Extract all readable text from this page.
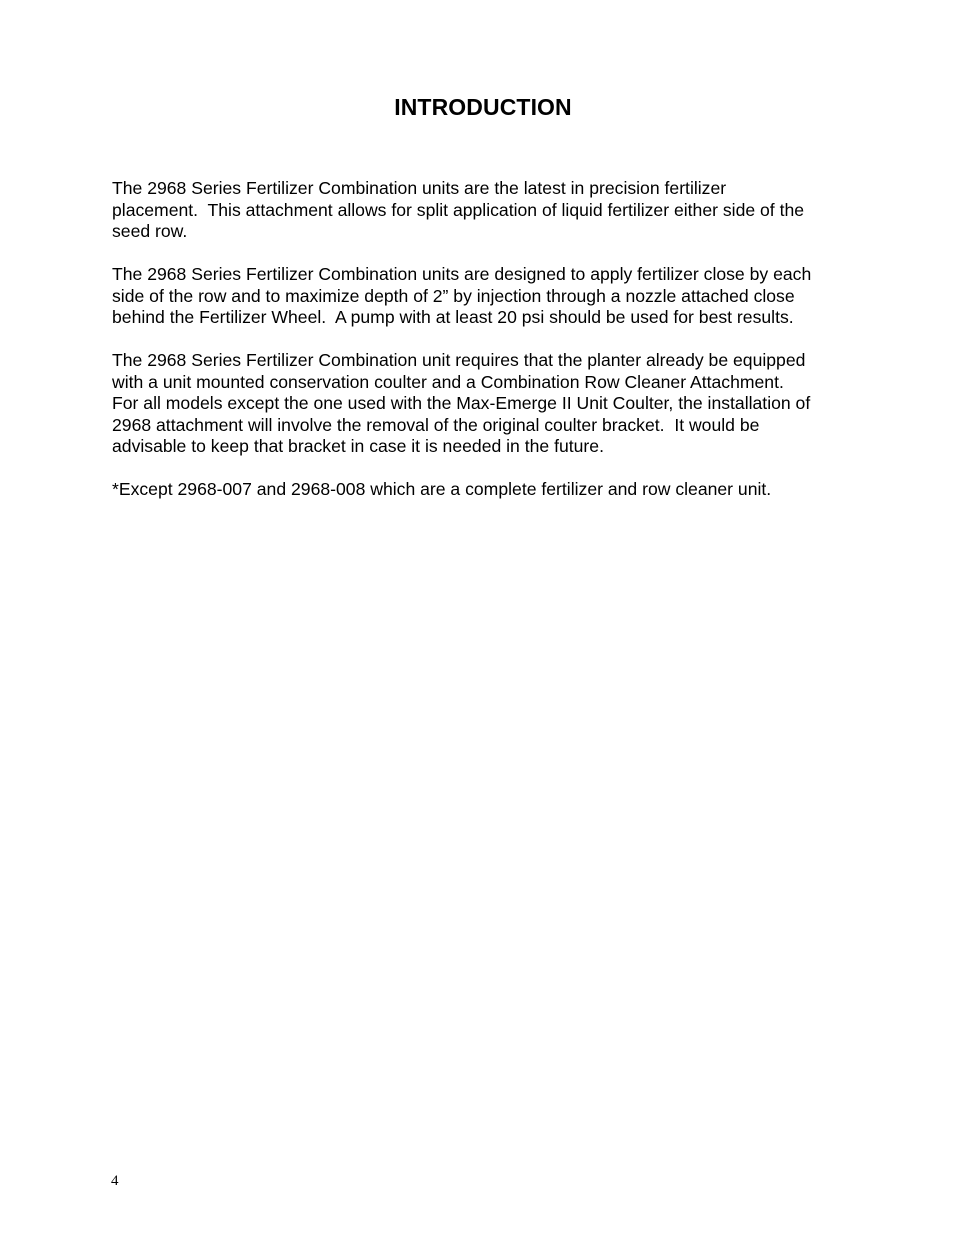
INTRODUCTION

The 2968 Series Fertilizer Combination units are the latest in precision fertilizer
placement.  This attachment allows for split application of liquid fertilizer either side of the
seed row.

The 2968 Series Fertilizer Combination units are designed to apply fertilizer close by each
side of the row and to maximize depth of 2” by injection through a nozzle attached close
behind the Fertilizer Wheel.  A pump with at least 20 psi should be used for best results.

The 2968 Series Fertilizer Combination unit requires that the planter already be equipped
with a unit mounted conservation coulter and a Combination Row Cleaner Attachment.
For all models except the one used with the Max-Emerge II Unit Coulter, the installation of
2968 attachment will involve the removal of the original coulter bracket.  It would be
advisable to keep that bracket in case it is needed in the future.

*Except 2968-007 and 2968-008 which are a complete fertilizer and row cleaner unit.

4
